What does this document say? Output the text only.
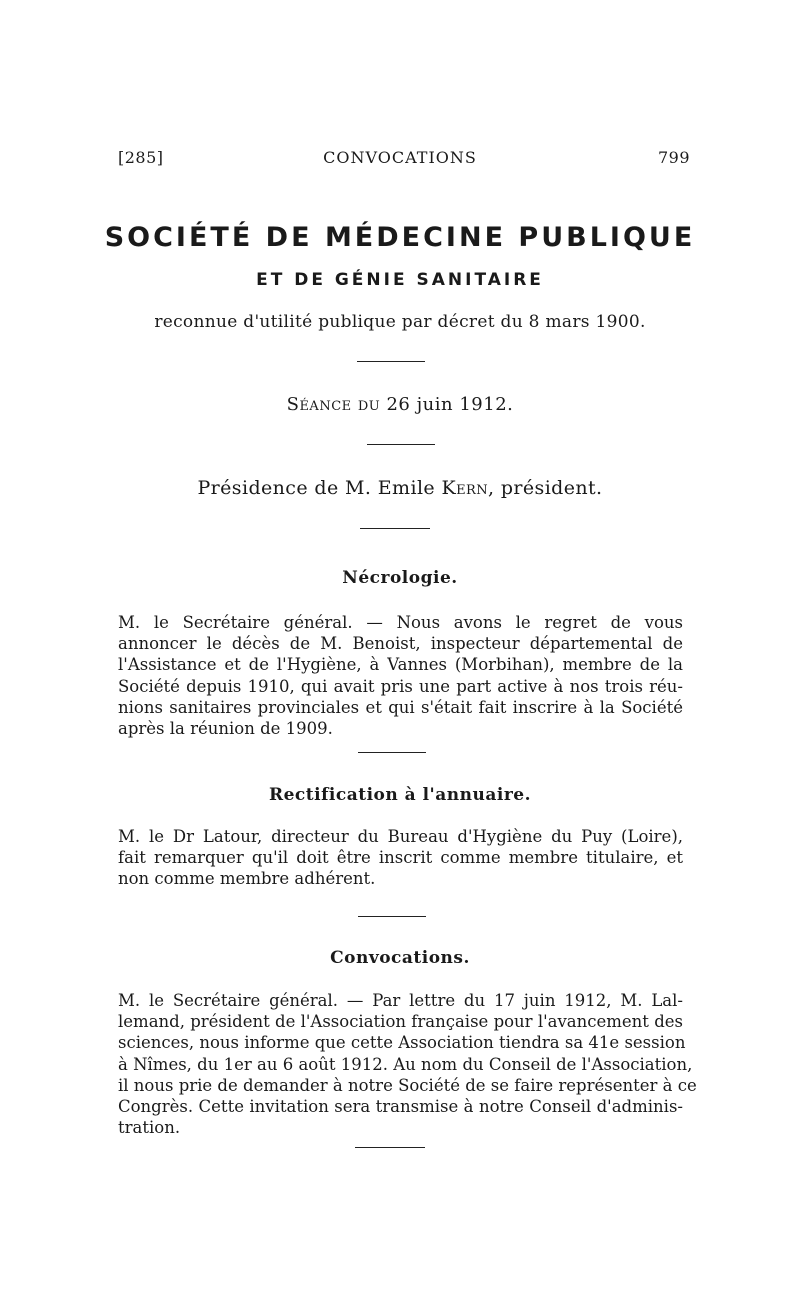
[285]	CONVOCATIONS	799
SOCIÉTÉ DE MÉDECINE PUBLIQUE
ET DE GÉNIE SANITAIRE
reconnue d'utilité publique par décret du 8 mars 1900.
Séance du 26 juin 1912.
Présidence de M. Emile Kern, président.
Nécrologie.
M. le Secrétaire général. — Nous avons le regret de vous
annoncer le décès de M. Benoist, inspecteur départemental de
l'Assistance et de l'Hygiène, à Vannes (Morbihan), membre de la
Société depuis 1910, qui avait pris une part active à nos trois réu-
nions sanitaires provinciales et qui s'était fait inscrire à la Société
après la réunion de 1909.
Rectification à l'annuaire.
M. le Dr Latour, directeur du Bureau d'Hygiène du Puy (Loire),
fait remarquer qu'il doit être inscrit comme membre titulaire, et
non comme membre adhérent.
Convocations.
M. le Secrétaire général. — Par lettre du 17 juin 1912, M. Lal-
lemand, président de l'Association française pour l'avancement des
sciences, nous informe que cette Association tiendra sa 41e session
à Nîmes, du 1er au 6 août 1912. Au nom du Conseil de l'Association,
il nous prie de demander à notre Société de se faire représenter à ce
Congrès. Cette invitation sera transmise à notre Conseil d'adminis-
tration.
